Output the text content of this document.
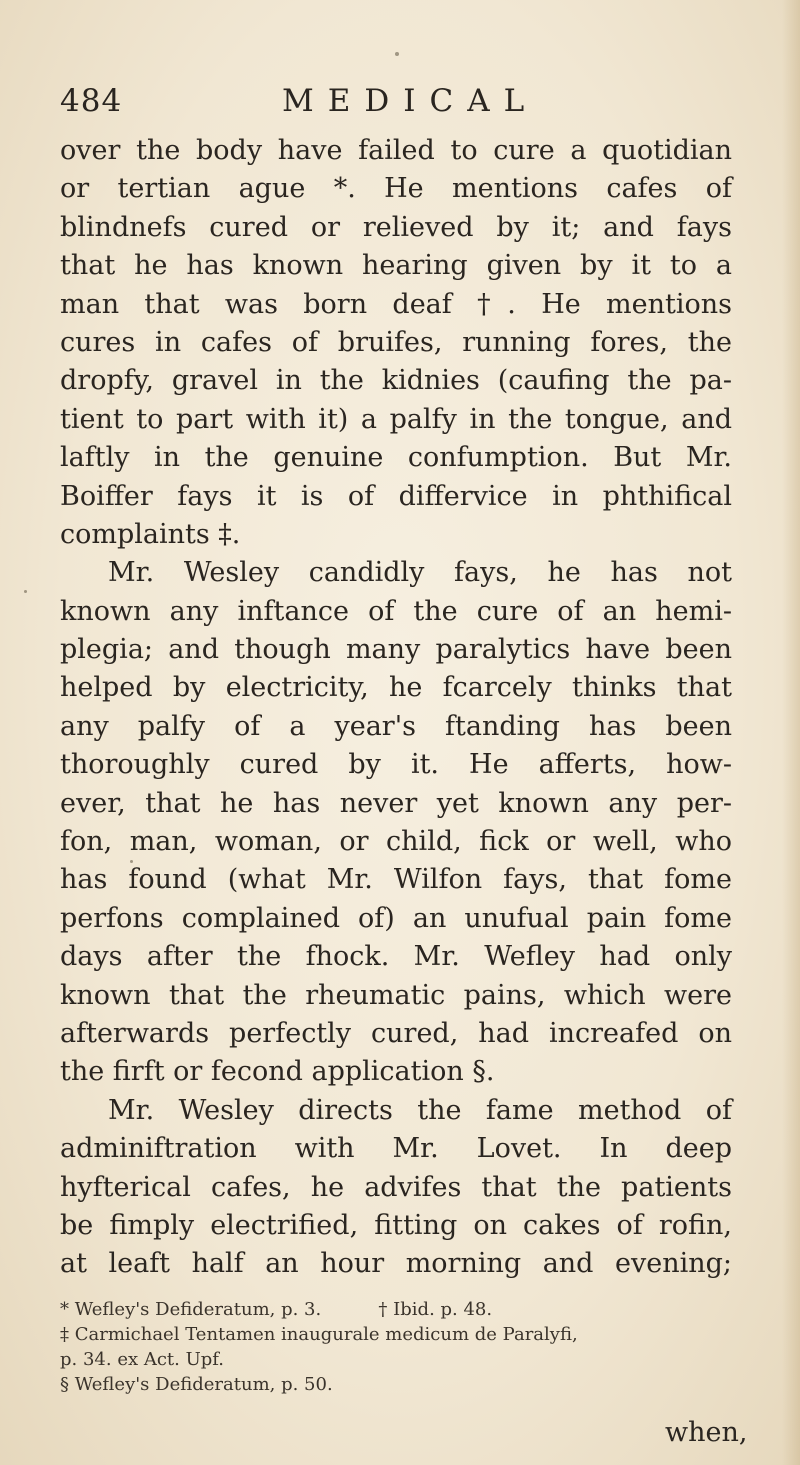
484	MEDICAL
over the body have failed to cure a quotidian
or tertian ague *. He mentions cafes of
blindnefs cured or relieved by it; and fays
that he has known hearing given by it to a
man that was born deaf †. He mentions
cures in cafes of bruifes, running fores, the
dropfy, gravel in the kidnies (caufing the pa-
tient to part with it) a palfy in the tongue, and
laftly in the genuine confumption. But Mr.
Boiffer fays it is of differvice in phthifical
complaints ‡.
Mr. Wesley candidly fays, he has not
known any inftance of the cure of an hemi-
plegia; and though many paralytics have been
helped by electricity, he fcarcely thinks that
any palfy of a year's ftanding has been
thoroughly cured by it. He afferts, how-
ever, that he has never yet known any per-
fon, man, woman, or child, fick or well, who
has found (what Mr. Wilfon fays, that fome
perfons complained of) an unufual pain fome
days after the fhock. Mr. Wefley had only
known that the rheumatic pains, which were
afterwards perfectly cured, had increafed on
the firft or fecond application §.
Mr. Wesley directs the fame method of
adminiftration with Mr. Lovet. In deep
hyfterical cafes, he advifes that the patients
be fimply electrified, fitting on cakes of rofin,
at leaft half an hour morning and evening;
* Wefley's Defideratum, p. 3.          † Ibid. p. 48.
‡ Carmichael Tentamen inaugurale medicum de Paralyfi,
p. 34. ex Act. Upf.
§ Wefley's Defideratum, p. 50.
when,
